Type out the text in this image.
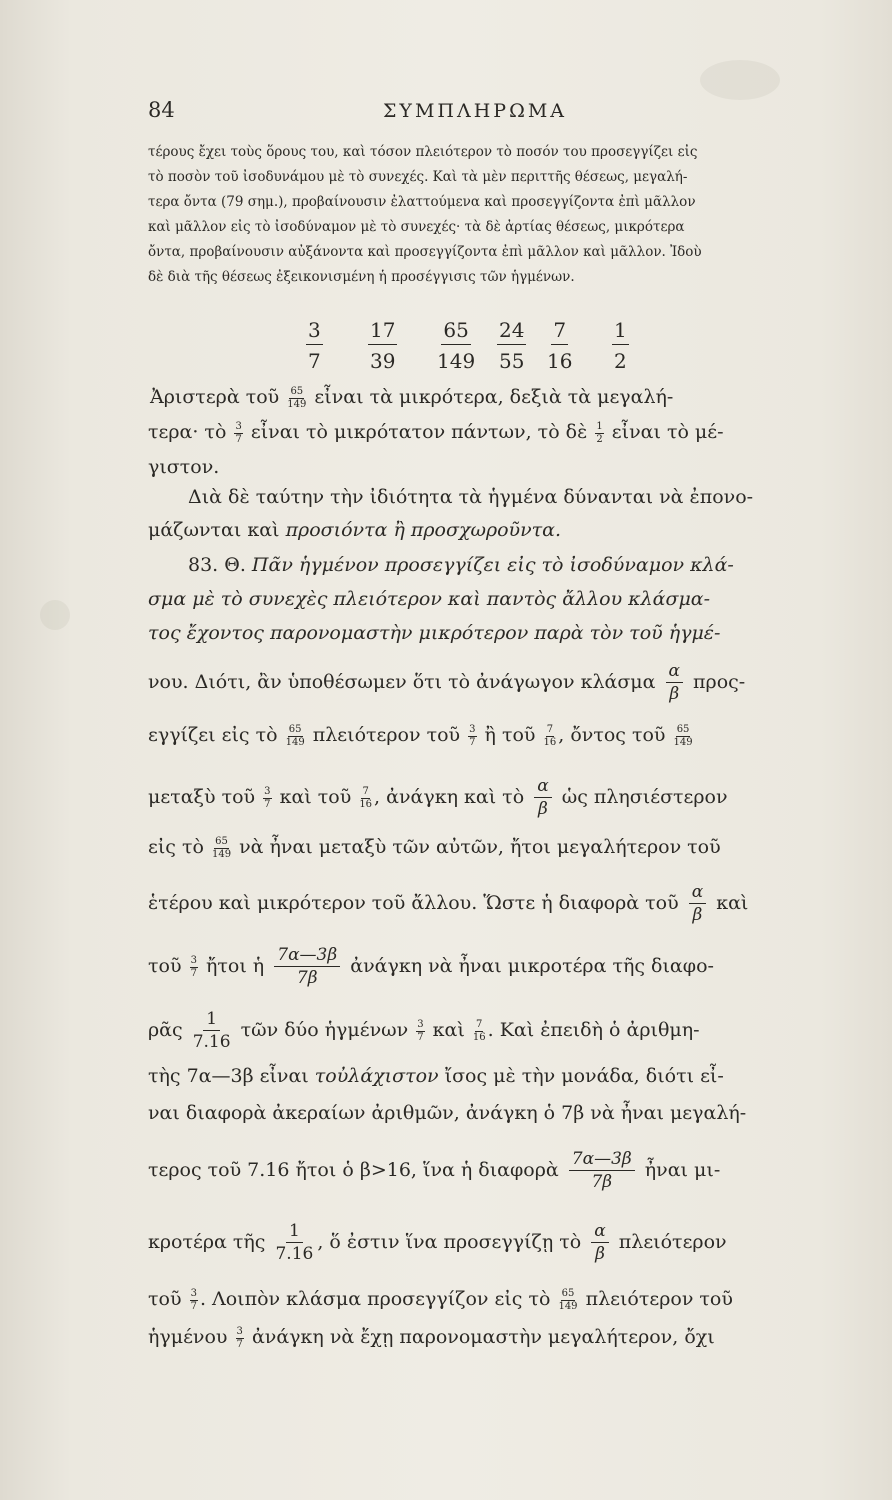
84	ΣΥΜΠΛΗΡΩΜΑ
τέρους ἔχει τοὺς ὅρους του, καὶ τόσον πλειότερον τὸ ποσόν του προσεγγίζει εἰς
τὸ ποσὸν τοῦ ἰσοδυνάμου μὲ τὸ συνεχές. Καὶ τὰ μὲν περιττῆς θέσεως, μεγαλή-
τερα ὄντα (79 σημ.), προβαίνουσιν ἐλαττούμενα καὶ προσεγγίζοντα ἐπὶ μᾶλλον
καὶ μᾶλλον εἰς τὸ ἰσοδύναμον μὲ τὸ συνεχές· τὰ δὲ ἀρτίας θέσεως, μικρότερα
ὄντα, προβαίνουσιν αὐξάνοντα καὶ προσεγγίζοντα ἐπὶ μᾶλλον καὶ μᾶλλον. Ἰδοὺ
δὲ διὰ τῆς θέσεως ἐξεικονισμένη ἡ προσέγγισις τῶν ἡγμένων.
3
7
17
39
65
149
24
55
7
16
1
2
Ἀριστερὰ τοῦ $\frac{65}{149}$ εἶναι τὰ μικρότερα, δεξιὰ τὰ μεγαλή-
τερα· τὸ $\frac{3}{7}$ εἶναι τὸ μικρότατον πάντων, τὸ δὲ $\frac{1}{2}$ εἶναι τὸ μέ-
γιστον.
Διὰ δὲ ταύτην τὴν ἰδιότητα τὰ ἡγμένα δύνανται νὰ ἐπονο-
μάζωνται καὶ προσιόντα ἢ προσχωροῦντα.
83. Θ. Πᾶν ἡγμένον προσεγγίζει εἰς τὸ ἰσοδύναμον κλά-
σμα μὲ τὸ συνεχὲς πλειότερον καὶ παντὸς ἄλλου κλάσμα-
τος ἔχοντος παρονομαστὴν μικρότερον παρὰ τὸν τοῦ ἡγμέ-
νου. Διότι, ἂν ὑποθέσωμεν ὅτι τὸ ἀνάγωγον κλάσμα $\frac{\alpha}{\beta} \pi\rho o\varsigma-$
εγγίζει εἰς τὸ $\frac{65}{149}$ πλειότερον τοῦ $\frac{3}{7}$ ἢ τοῦ $\frac{7}{16}$ , ὄντος τοῦ $\frac{65}{149}$
μεταξὺ τοῦ $\frac{3}{7}$ καὶ τοῦ $\frac{7}{16}$ , ἀνάγκη καὶ τὸ $\frac{\alpha}{\beta}$ ὡς πλησιέστερον
εἰς τὸ $\frac{65}{149}$ νὰ ἦναι μεταξὺ τῶν αὐτῶν, ἤτοι μεγαλήτερον τοῦ
ἑτέρου καὶ μικρότερον τοῦ ἄλλου. Ὥστε ἡ διαφορὰ τοῦ $\frac{\alpha}{\beta}$ καὶ
τοῦ $\frac{3}{7}$ ἤτοι ἡ $\frac{7\alpha—3\beta}{7\beta}$ ἀνάγκη νὰ ἦναι μικροτέρα τῆς διαφο-
ρᾶς $\frac{1}{7.16}$ τῶν δύο ἡγμένων $\frac{3}{7}$ καὶ $\frac{7}{16}$ . Καὶ ἐπειδὴ ὁ ἀριθμη-
τὴς 7α—3β εἶναι τοὐλάχιστον ἴσος μὲ τὴν μονάδα, διότι εἶ-
ναι διαφορὰ ἀκεραίων ἀριθμῶν, ἀνάγκη ὁ 7β νὰ ἦναι μεγαλή-
τερος τοῦ 7.16 ἤτοι ὁ β>16, ἵνα ἡ διαφορὰ $\frac{7\alpha—3\beta}{7\beta}$ ἦναι μι-
κροτέρα τῆς $\frac{1}{7.16}$ , ὅ ἐστιν ἵνα προσεγγίζῃ τὸ $\frac{\alpha}{\beta}$ πλειότερον
τοῦ $\frac{3}{7}$ . Λοιπὸν κλάσμα προσεγγίζον εἰς τὸ $\frac{65}{149}$ πλειότερον τοῦ
ἡγμένου $\frac{3}{7}$ ἀνάγκη νὰ ἔχῃ παρονομαστὴν μεγαλήτερον, ὄχι
